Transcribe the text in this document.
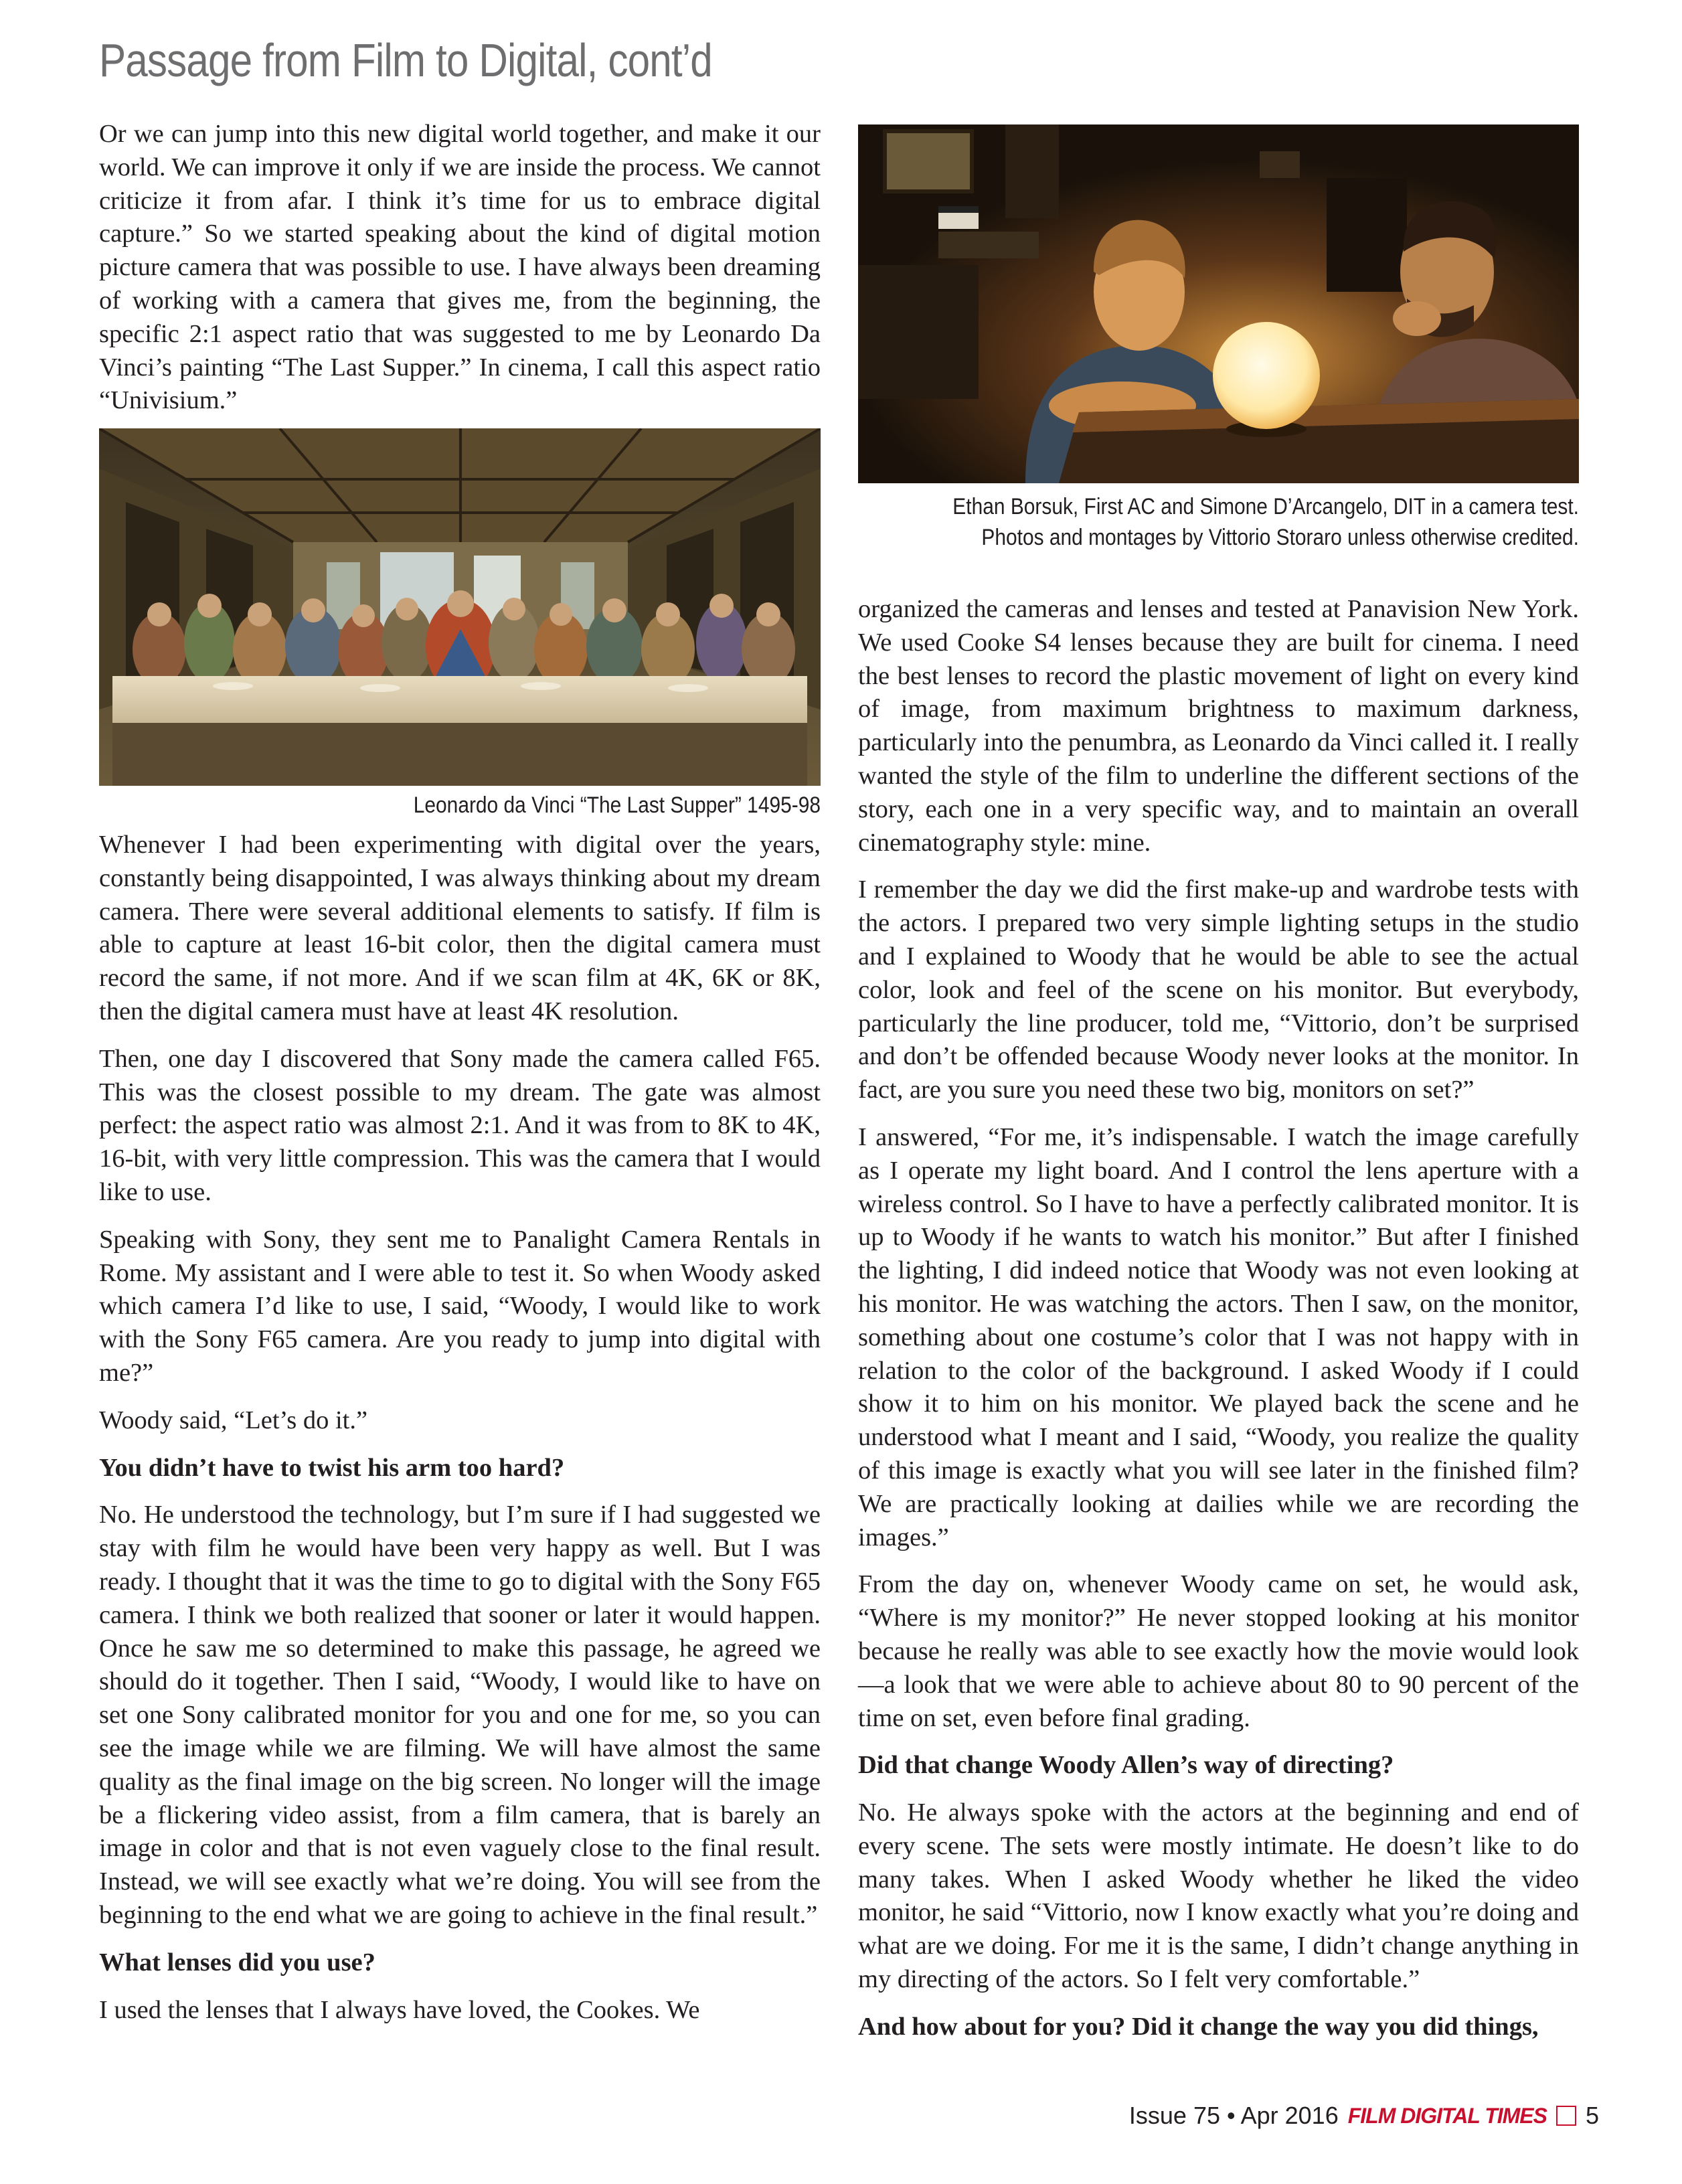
Passage from Film to Digital, cont’d

Or we can jump into this new digital world together, and make it our world. We can improve it only if we are inside the process. We cannot criticize it from afar. I think it’s time for us to embrace digital capture.” So we started speaking about the kind of digital motion picture camera that was possible to use. I have always been dreaming of working with a camera that gives me, from the beginning, the specific 2:1 aspect ratio that was suggested to me by Leonardo Da Vinci’s painting “The Last Supper.” In cinema, I call this aspect ratio “Univisium.”

Leonardo da Vinci “The Last Supper” 1495-98

Whenever I had been experimenting with digital over the years, constantly being disappointed, I was always thinking about my dream camera. There were several additional elements to satisfy. If film is able to capture at least 16-bit color, then the digital camera must record the same, if not more. And if we scan film at 4K, 6K or 8K, then the digital camera must have at least 4K resolution.

Then, one day I discovered that Sony made the camera called F65. This was the closest possible to my dream. The gate was almost perfect: the aspect ratio was almost 2:1. And it was from to 8K to 4K, 16-bit, with very little compression. This was the camera that I would like to use.

Speaking with Sony, they sent me to Panalight Camera Rentals in Rome. My assistant and I were able to test it. So when Woody asked which camera I’d like to use, I said, “Woody, I would like to work with the Sony F65 camera. Are you ready to jump into digital with me?”

Woody said, “Let’s do it.”

You didn’t have to twist his arm too hard?

No. He understood the technology, but I’m sure if I had suggested we stay with film he would have been very happy as well. But I was ready. I thought that it was the time to go to digital with the Sony F65 camera. I think we both realized that sooner or later it would happen. Once he saw me so determined to make this passage, he agreed we should do it together. Then I said, “Woody, I would like to have on set one Sony calibrated monitor for you and one for me, so you can see the image while we are filming. We will have almost the same quality as the final image on the big screen. No longer will the image be a flickering video assist, from a film camera, that is barely an image in color and that is not even vaguely close to the final result. Instead, we will see exactly what we’re doing. You will see from the beginning to the end what we are going to achieve in the final result.”

What lenses did you use?

I used the lenses that I always have loved, the Cookes. We

Ethan Borsuk, First AC and Simone D’Arcangelo, DIT in a camera test.
Photos and montages by Vittorio Storaro unless otherwise credited.

organized the cameras and lenses and tested at Panavision New York. We used Cooke S4 lenses because they are built for cinema. I need the best lenses to record the plastic movement of light on every kind of image, from maximum brightness to maximum darkness, particularly into the penumbra, as Leonardo da Vinci called it. I really wanted the style of the film to underline the different sections of the story, each one in a very specific way, and to maintain an overall cinematography style: mine.

I remember the day we did the first make-up and wardrobe tests with the actors. I prepared two very simple lighting setups in the studio and I explained to Woody that he would be able to see the actual color, look and feel of the scene on his monitor. But everybody, particularly the line producer, told me, “Vittorio, don’t be surprised and don’t be offended because Woody never looks at the monitor. In fact, are you sure you need these two big, monitors on set?”

I answered, “For me, it’s indispensable. I watch the image carefully as I operate my light board. And I control the lens aperture with a wireless control. So I have to have a perfectly calibrated monitor. It is up to Woody if he wants to watch his monitor.” But after I finished the lighting, I did indeed notice that Woody was not even looking at his monitor. He was watching the actors. Then I saw, on the monitor, something about one costume’s color that I was not happy with in relation to the color of the background. I asked Woody if I could show it to him on his monitor. We played back the scene and he understood what I meant and I said, “Woody, you realize the quality of this image is exactly what you will see later in the finished film? We are practically looking at dailies while we are recording the images.”

From the day on, whenever Woody came on set, he would ask, “Where is my monitor?” He never stopped looking at his monitor because he really was able to see exactly how the movie would look—a look that we were able to achieve about 80 to 90 percent of the time on set, even before final grading.

Did that change Woody Allen’s way of directing?

No. He always spoke with the actors at the beginning and end of every scene. The sets were mostly intimate. He doesn’t like to do many takes. When I asked Woody whether he liked the video monitor, he said “Vittorio, now I know exactly what you’re doing and what are we doing. For me it is the same, I didn’t change anything in my directing of the actors. So I felt very comfortable.”

And how about for you? Did it change the way you did things,

Issue 75 • Apr 2016 FILM DIGITAL TIMES 5
